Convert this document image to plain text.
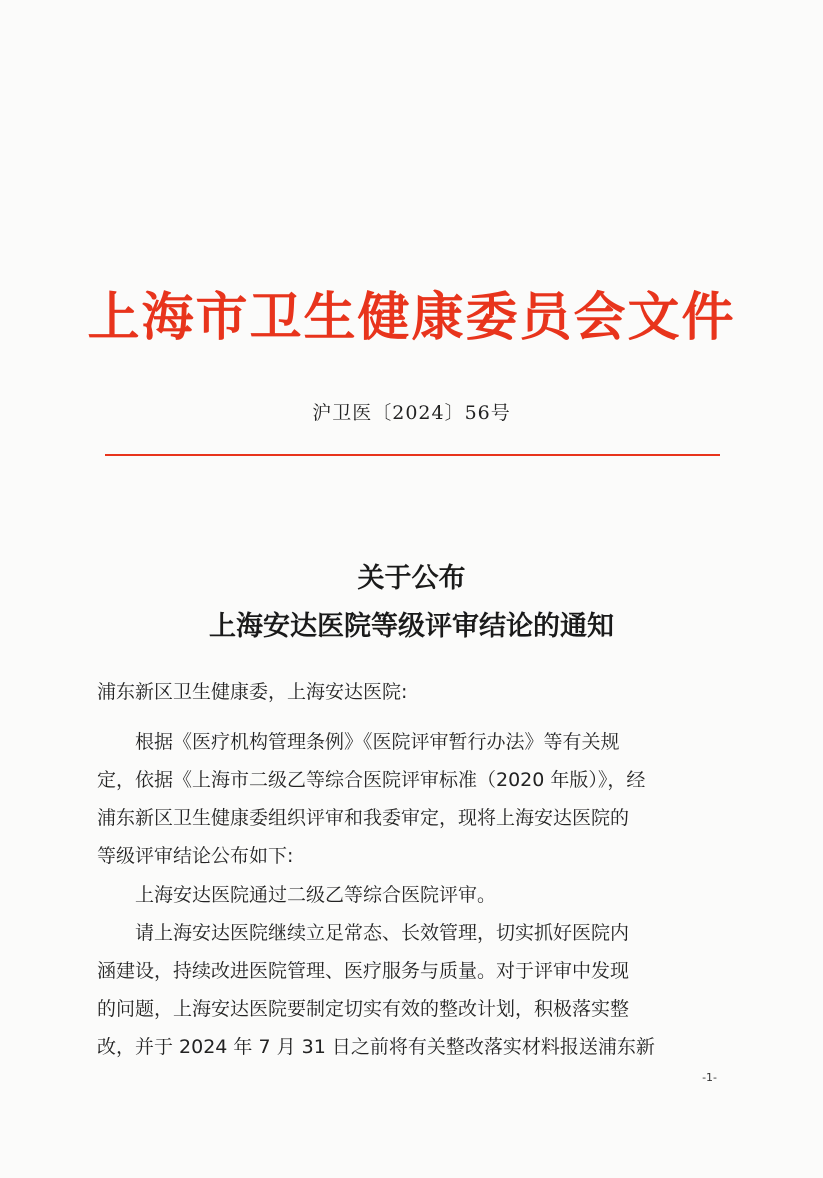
上海市卫生健康委员会文件
沪卫医〔2024〕56号
关于公布
上海安达医院等级评审结论的通知
浦东新区卫生健康委，上海安达医院:
根据《医疗机构管理条例》《医院评审暂行办法》等有关规
定，依据《上海市二级乙等综合医院评审标准（2020 年版）》，经
浦东新区卫生健康委组织评审和我委审定，现将上海安达医院的
等级评审结论公布如下:
上海安达医院通过二级乙等综合医院评审。
请上海安达医院继续立足常态、长效管理，切实抓好医院内
涵建设，持续改进医院管理、医疗服务与质量。对于评审中发现
的问题，上海安达医院要制定切实有效的整改计划，积极落实整
改，并于 2024 年 7 月 31 日之前将有关整改落实材料报送浦东新
-1-
